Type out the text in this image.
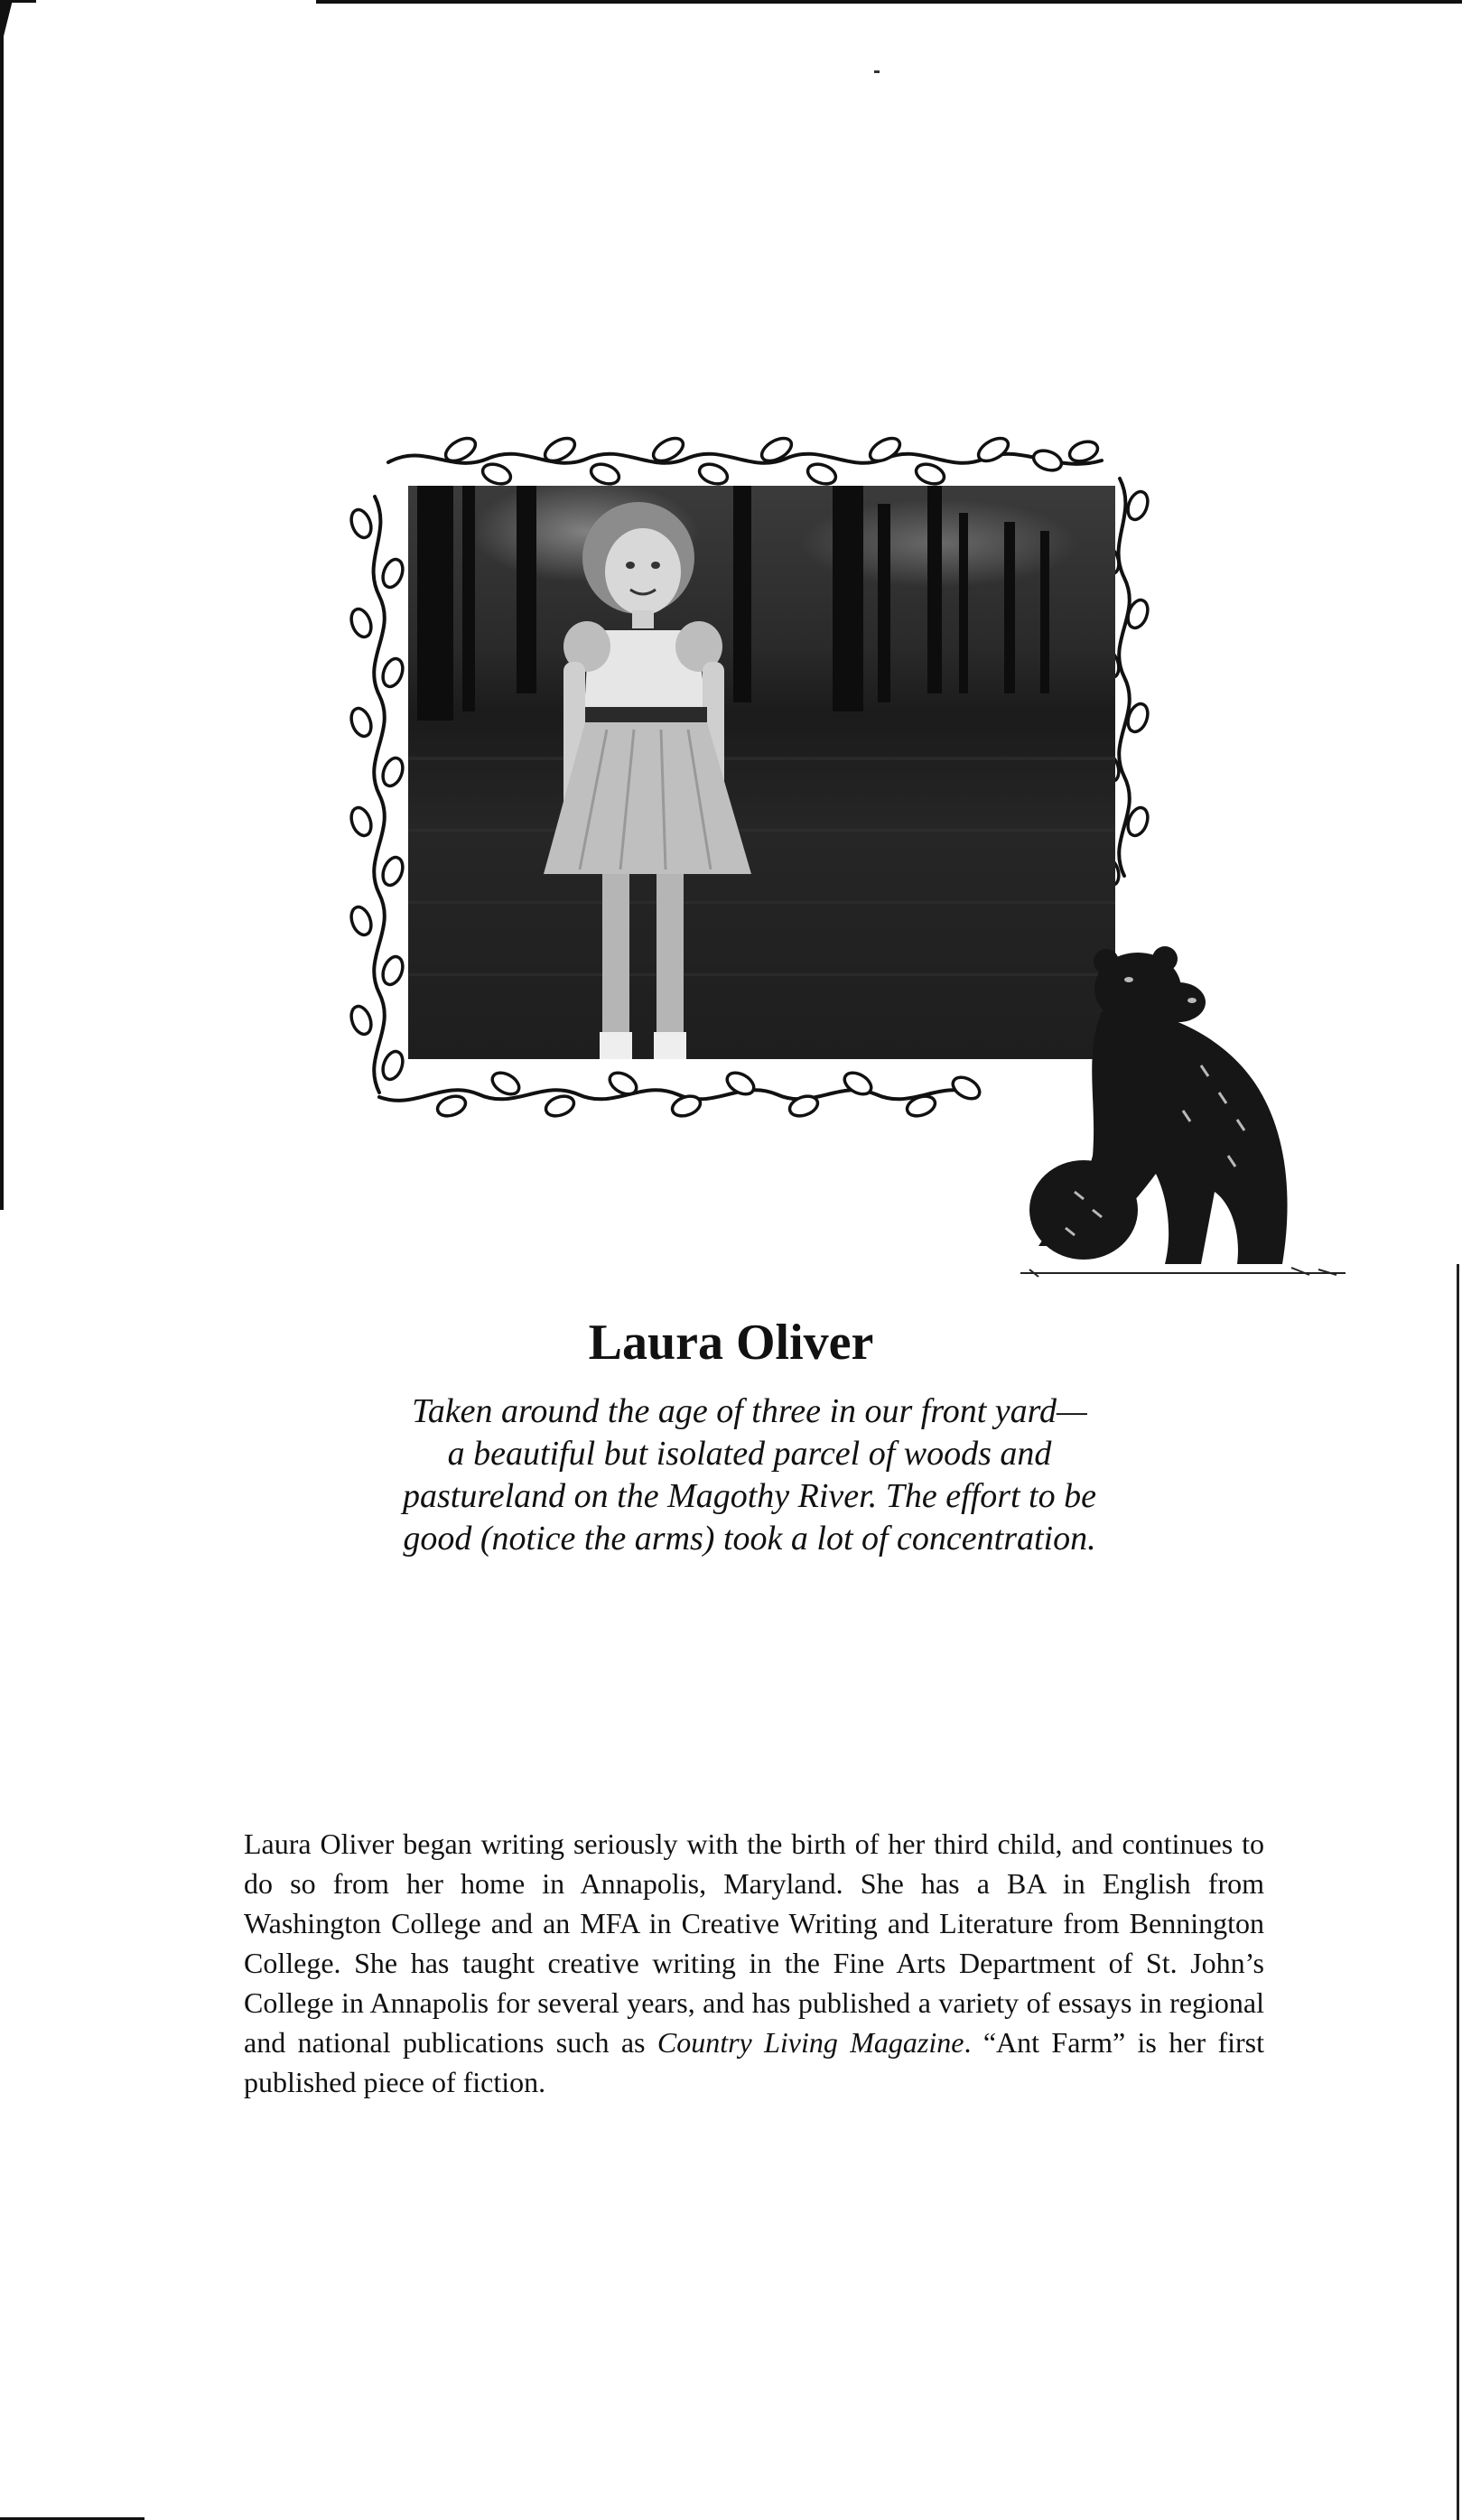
Laura Oliver

Taken around the age of three in our front yard—
a beautiful but isolated parcel of woods and
pastureland on the Magothy River. The effort to be
good (notice the arms) took a lot of concentration.

Laura Oliver began writing seriously with the birth of her third child, and continues to do so from her home in Annapolis, Maryland. She has a BA in English from Washington College and an MFA in Creative Writing and Literature from Bennington College. She has taught creative writing in the Fine Arts Department of St. John’s College in Annapolis for several years, and has published a variety of essays in regional and national publications such as Country Living Magazine. “Ant Farm” is her first published piece of fiction.
